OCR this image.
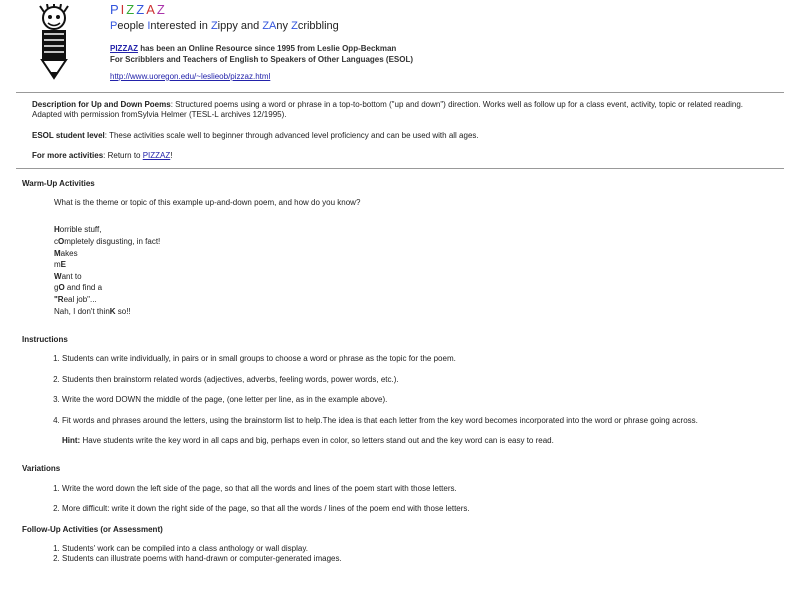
PIZZAZ
People Interested in Zippy and ZAny Zcribbling
PIZZAZ has been an Online Resource since 1995 from Leslie Opp-Beckman
For Scribblers and Teachers of English to Speakers of Other Languages (ESOL)
http://www.uoregon.edu/~leslieob/pizzaz.html

Description for Up and Down Poems: Structured poems using a word or phrase in a top-to-bottom ("up and down") direction. Works well as follow up for a class event, activity, topic or related reading. Adapted with permission fromSylvia Helmer (TESL-L archives 12/1995).

ESOL student level: These activities scale well to beginner through advanced level proficiency and can be used with all ages.

For more activities: Return to PIZZAZ!

Warm-Up Activities
What is the theme or topic of this example up-and-down poem, and how do you know?
Horrible stuff,
cOmpletely disgusting, in fact!
Makes
mE
Want to
gO and find a
"Real job"...
Nah, I don't thinK so!!
Instructions
1. Students can write individually, in pairs or in small groups to choose a word or phrase as the topic for the poem.
2. Students then brainstorm related words (adjectives, adverbs, feeling words, power words, etc.).
3. Write the word DOWN the middle of the page, (one letter per line, as in the example above).
4. Fit words and phrases around the letters, using the brainstorm list to help.The idea is that each letter from the key word becomes incorporated into the word or phrase going across.
Hint: Have students write the key word in all caps and big, perhaps even in color, so letters stand out and the key word can is easy to read.
Variations
1. Write the word down the left side of the page, so that all the words and lines of the poem start with those letters.
2. More difficult: write it down the right side of the page, so that all the words / lines of the poem end with those letters.
Follow-Up Activities (or Assessment)
1. Students' work can be compiled into a class anthology or wall display.
2. Students can illustrate poems with hand-drawn or computer-generated images.
